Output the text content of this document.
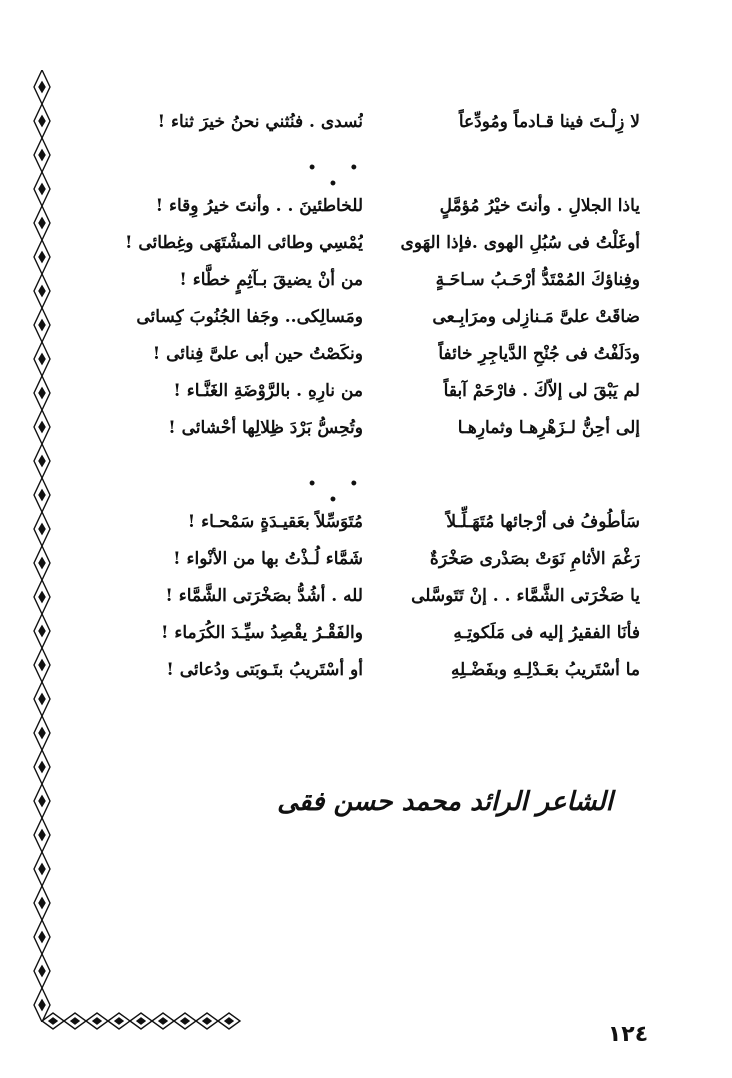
لا زِلْـتَ فينا قـادماً ومُودِّعاً
نُسدى . فنُثني نحنُ خيرَ ثناء !
• • •
ياذا الجلالِ . وأنتَ خيْرُ مُؤمَّلٍ
للخاطئينَ . . وأنتَ خيرُ وِقاء !
أوغَلْتُ فى سُبُلِ الهوى .فإذا الهَوى
يُمْسِي وطائى المشْتَهَى وغِطائى !
وفِناؤكَ المُمْتَدُّ أرْحَـبُ سـاحَـةٍ
من أنْ يضيقَ بـآثِمٍ خطَّاء !
ضاقَتْ علىَّ مَـنازِلى ومرَابِـعى
ومَسالِكى.. وجَفا الجُنُوبَ كِسائى
ودَلَفْتُ فى جُنْحِ الدَّياجِرِ خائفاً
ونكَصْتُ حين أبى علىَّ فِنائى !
لم يَبْقَ لى إلاّكَ . فارْحَمْ آبقاً
من نارِهِ . بالرَّوْضَةِ الغَنَّـاء !
إلى أحِنُّ لـزَهْرِهـا وثمارِهـا
وتُحِسُّ بَرْدَ ظِلالِها أحْشائى !
• • •
سَأطُوفُ فى أرْجائها مُتَهَـلِّـلاً
مُتَوَسِّلاً بعَقيـدَةٍ سَمْحـاء !
رَغْمَ الأثامِ نَوَتْ بصَدْرى صَخْرَةٌ
شَمَّاء لُـذْتُ بها من الأنْواء !
يا صَخْرَتى الشَّمَّاء . . إنْ تَتَوسَّلى
لله . أشُدُّ بصَخْرَتى الشَّمَّاء !
فأنَا الفقيرُ إليه فى مَلَكوتِـهِ
والفَقْـرُ يقْصِدُ سيِّـدَ الكُرَماء !
ما أسْتَريبُ بعَـدْلِـهِ وبفَضْـلِهِ
أو أسْتَريبُ بتَـوبَتى ودُعائى !
الشاعر الرائد محمد حسن فقى
١٢٤
